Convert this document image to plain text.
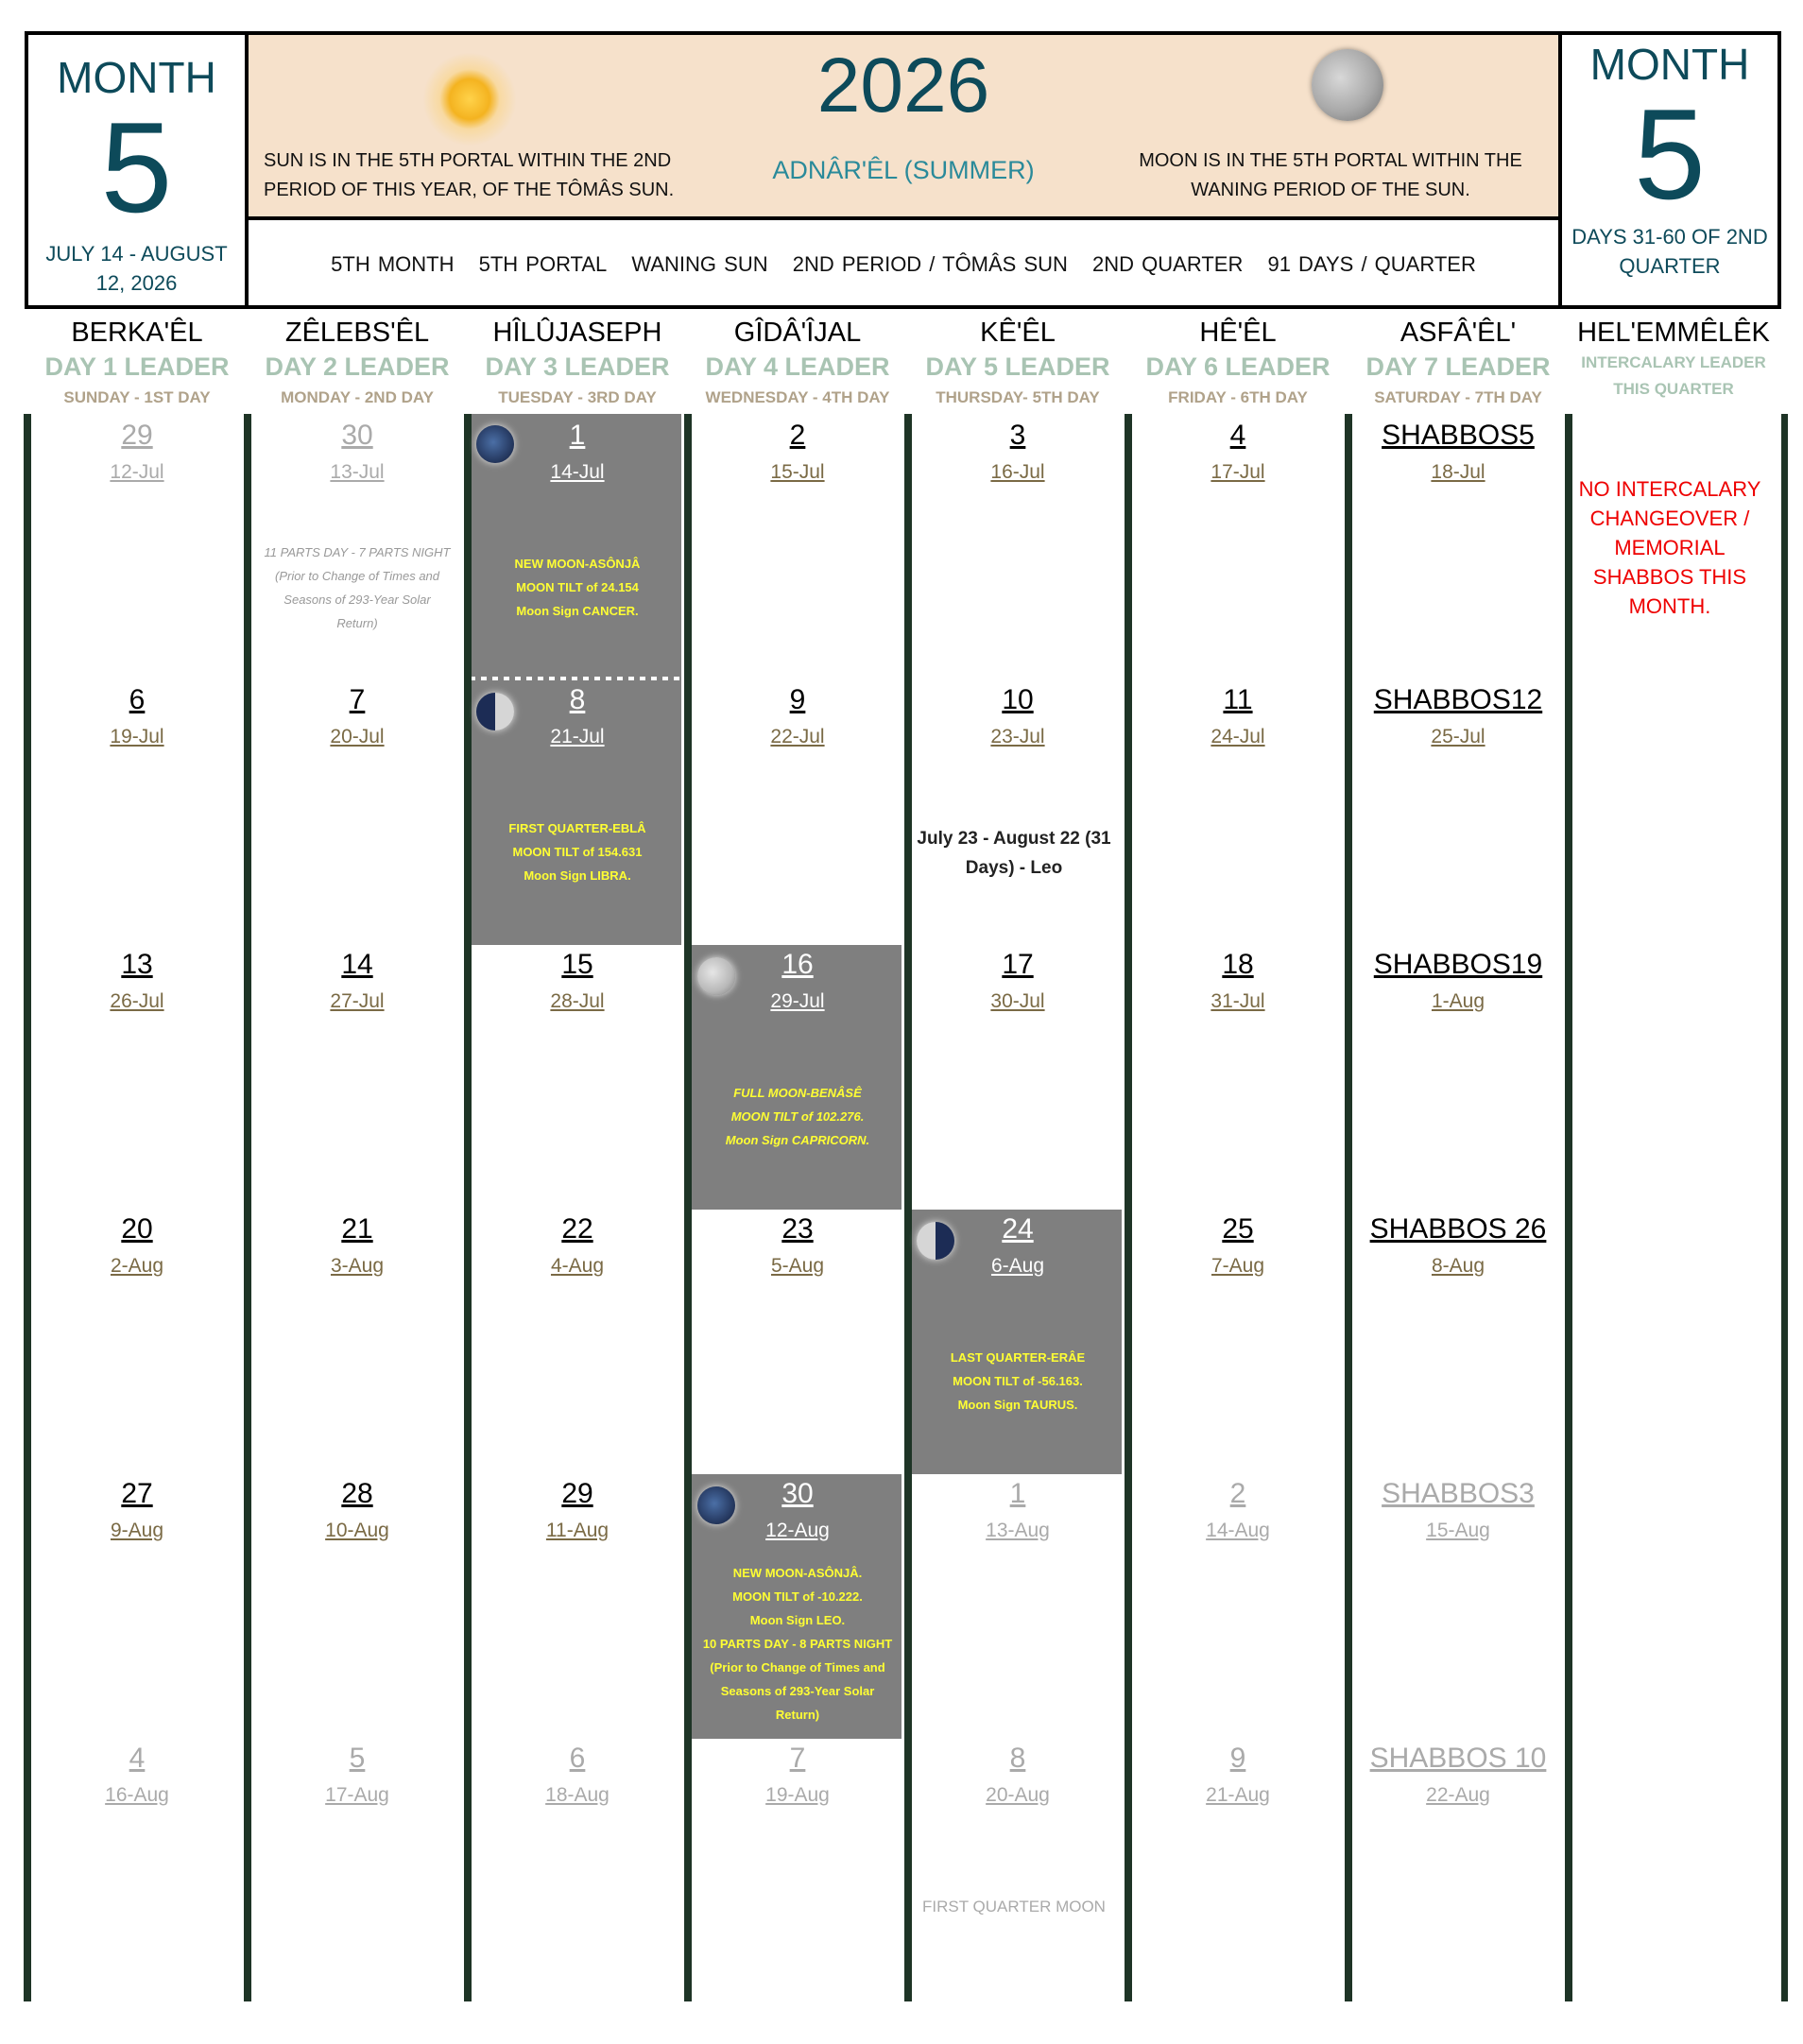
MONTH
5
JULY 14 - AUGUST 12, 2026
MONTH
5
DAYS 31-60 OF 2ND QUARTER
2026
ADNÂR'ÊL (SUMMER)
SUN IS IN THE 5TH PORTAL WITHIN THE 2ND PERIOD OF THIS YEAR, OF THE TÔMÂS SUN.
MOON IS IN THE 5TH PORTAL WITHIN THE WANING PERIOD OF THE SUN.
5TH MONTH 5TH PORTAL WANING SUN 2ND PERIOD / TÔMÂS SUN 2ND QUARTER 91 DAYS / QUARTER
BERKA'ÊL
DAY 1 LEADER
SUNDAY - 1ST DAY
ZÊLEBS'ÊL
DAY 2 LEADER
MONDAY - 2ND DAY
HÎLÛJASEPH
DAY 3 LEADER
TUESDAY - 3RD DAY
GÎDÂ'ÎJAL
DAY 4 LEADER
WEDNESDAY - 4TH DAY
KÊ'ÊL
DAY 5 LEADER
THURSDAY- 5TH DAY
HÊ'ÊL
DAY 6 LEADER
FRIDAY - 6TH DAY
ASFÂ'ÊL'
DAY 7 LEADER
SATURDAY - 7TH DAY
HEL'EMMÊLÊK
INTERCALARY LEADER THIS QUARTER
29
12-Jul
30
13-Jul
1
14-Jul
2
15-Jul
3
16-Jul
4
17-Jul
SHABBOS5
18-Jul
6
19-Jul
7
20-Jul
8
21-Jul
9
22-Jul
10
23-Jul
11
24-Jul
SHABBOS12
25-Jul
13
26-Jul
14
27-Jul
15
28-Jul
16
29-Jul
17
30-Jul
18
31-Jul
SHABBOS19
1-Aug
20
2-Aug
21
3-Aug
22
4-Aug
23
5-Aug
24
6-Aug
25
7-Aug
SHABBOS 26
8-Aug
27
9-Aug
28
10-Aug
29
11-Aug
30
12-Aug
1
13-Aug
2
14-Aug
SHABBOS3
15-Aug
4
16-Aug
5
17-Aug
6
18-Aug
7
19-Aug
8
20-Aug
9
21-Aug
SHABBOS 10
22-Aug
11 PARTS DAY - 7 PARTS NIGHT
(Prior to Change of Times and
Seasons of 293-Year Solar
Return)
NEW MOON-ASÔNJÂ
MOON TILT of 24.154
Moon Sign CANCER.
FIRST QUARTER-EBLÂ
MOON TILT of 154.631
Moon Sign LIBRA.
FULL MOON-BENÂSÊ
MOON TILT of 102.276.
Moon Sign CAPRICORN.
LAST QUARTER-ERÂE
MOON TILT of -56.163.
Moon Sign TAURUS.
NEW MOON-ASÔNJÂ.
MOON TILT of -10.222.
Moon Sign LEO.
10 PARTS DAY - 8 PARTS NIGHT
(Prior to Change of Times and
Seasons of 293-Year Solar
Return)
July 23 - August 22 (31 Days) - Leo
FIRST QUARTER MOON
NO INTERCALARY CHANGEOVER / MEMORIAL SHABBOS THIS MONTH.
